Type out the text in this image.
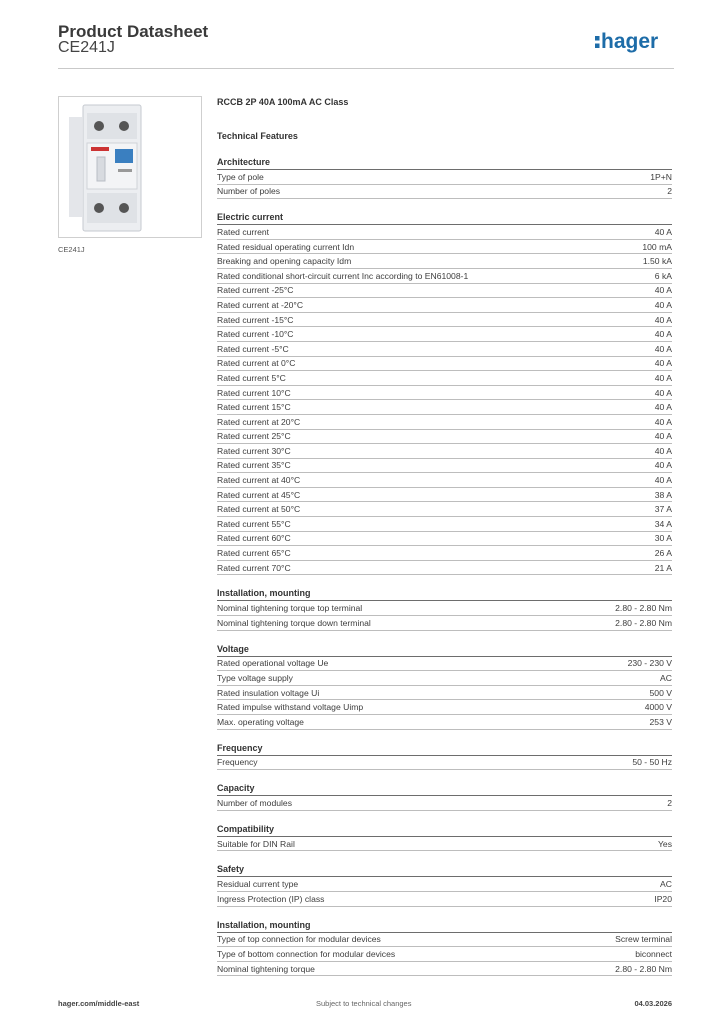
Product Datasheet
CE241J	hager
CE241J
RCCB 2P 40A 100mA AC Class
Technical Features
Architecture
Type of pole	1P+N
Number of poles	2
Electric current
Rated current	40 A
Rated residual operating current Idn	100 mA
Breaking and opening capacity Idm	1.50 kA
Rated conditional short-circuit current Inc according to EN61008-1	6 kA
Rated current -25°C	40 A
Rated current at -20°C	40 A
Rated current -15°C	40 A
Rated current -10°C	40 A
Rated current -5°C	40 A
Rated current at 0°C	40 A
Rated current 5°C	40 A
Rated current 10°C	40 A
Rated current 15°C	40 A
Rated current at 20°C	40 A
Rated current 25°C	40 A
Rated current 30°C	40 A
Rated current 35°C	40 A
Rated current at 40°C	40 A
Rated current at 45°C	38 A
Rated current at 50°C	37 A
Rated current 55°C	34 A
Rated current 60°C	30 A
Rated current 65°C	26 A
Rated current 70°C	21 A
Installation, mounting
Nominal tightening torque top terminal	2.80 - 2.80 Nm
Nominal tightening torque down terminal	2.80 - 2.80 Nm
Voltage
Rated operational voltage Ue	230 - 230 V
Type voltage supply	AC
Rated insulation voltage Ui	500 V
Rated impulse withstand voltage Uimp	4000 V
Max. operating voltage	253 V
Frequency
Frequency	50 - 50 Hz
Capacity
Number of modules	2
Compatibility
Suitable for DIN Rail	Yes
Safety
Residual current type	AC
Ingress Protection (IP) class	IP20
Installation, mounting
Type of top connection for modular devices	Screw terminal
Type of bottom connection for modular devices	biconnect
Nominal tightening torque	2.80 - 2.80 Nm
hager.com/middle-east	Subject to technical changes	04.03.2026
